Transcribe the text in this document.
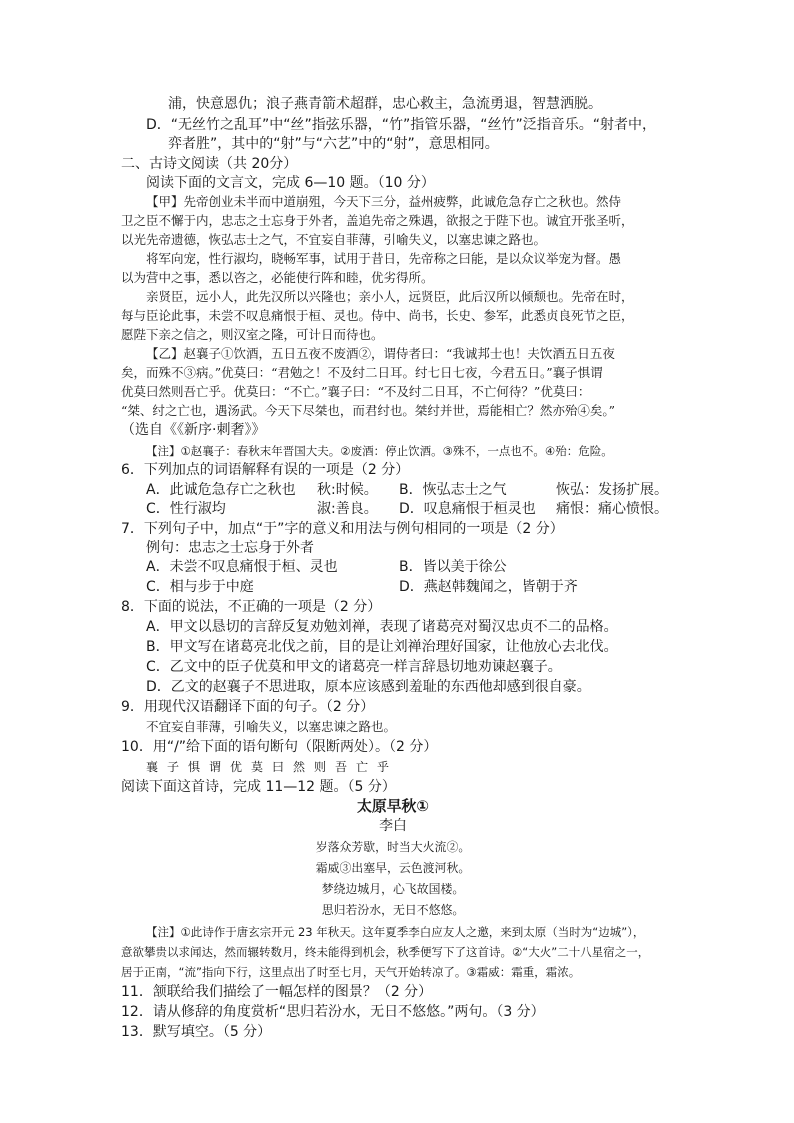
浦，快意恩仇；浪子燕青箭术超群，忠心救主，急流勇退，智慧洒脱。
D．“无丝竹之乱耳”中“丝”指弦乐器，“竹”指管乐器，“丝竹”泛指音乐。“射者中，
弈者胜”，其中的“射”与“六艺”中的“射”，意思相同。
二、古诗文阅读（共 20分）
阅读下面的文言文，完成 6—10 题。（10 分）
【甲】先帝创业未半而中道崩殂，今天下三分，益州疲弊，此诚危急存亡之秋也。然侍
卫之臣不懈于内，忠志之士忘身于外者，盖追先帝之殊遇，欲报之于陛下也。诚宜开张圣听，
以光先帝遗德，恢弘志士之气，不宜妄自菲薄，引喻失义，以塞忠谏之路也。
将军向宠，性行淑均，晓畅军事，试用于昔日，先帝称之曰能，是以众议举宠为督。愚
以为营中之事，悉以咨之，必能使行阵和睦，优劣得所。
亲贤臣，远小人，此先汉所以兴隆也；亲小人，远贤臣，此后汉所以倾颓也。先帝在时，
每与臣论此事，未尝不叹息痛恨于桓、灵也。侍中、尚书，长史、参军，此悉贞良死节之臣，
愿陛下亲之信之，则汉室之隆，可计日而待也。
【乙】赵襄子①饮酒，五日五夜不废酒②，谓侍者曰：“我诚邦士也！夫饮酒五日五夜
矣，而殊不③病。”优莫曰：“君勉之！不及纣二日耳。纣七日七夜，今君五日。”襄子惧谓
优莫曰然则吾亡乎。优莫曰：“不亡。”襄子曰：“不及纣二日耳，不亡何待？”优莫曰：
“桀、纣之亡也，遇汤武。今天下尽桀也，而君纣也。桀纣并世，焉能相亡？然亦殆④矣。”
（选自《《新序·刺奢》》
【注】①赵襄子：春秋末年晋国大夫。②废酒：停止饮酒。③殊不，一点也不。④殆：危险。
6．下列加点的词语解释有误的一项是（2 分）
A．此诚危急存亡之秋也 秋:时候。 B．恢弘志士之气	恢弘：发扬扩展。
C．性行淑均	淑:善良。 D．叹息痛恨于桓灵也 痛恨：痛心愤恨。
7．下列句子中，加点“于”字的意义和用法与例句相同的一项是（2 分）
例句：忠志之士忘身于外者
A．未尝不叹息痛恨于桓、灵也	B．皆以美于徐公
C．相与步于中庭	D．燕赵韩魏闻之，皆朝于齐
8．下面的说法，不正确的一项是（2 分）
A．甲文以恳切的言辞反复劝勉刘禅，表现了诸葛亮对蜀汉忠贞不二的品格。
B．甲文写在诸葛亮北伐之前，目的是让刘禅治理好国家，让他放心去北伐。
C．乙文中的臣子优莫和甲文的诸葛亮一样言辞恳切地劝谏赵襄子。
D．乙文的赵襄子不思进取，原本应该感到羞耻的东西他却感到很自豪。
9．用现代汉语翻译下面的句子。（2 分）
不宜妄自菲薄，引喻失义，以塞忠谏之路也。
10．用“/”给下面的语句断句（限断两处）。（2 分）
襄子惧谓优莫曰然则吾亡乎
阅读下面这首诗，完成 11—12 题。（5 分）
太原早秋①
李白
岁落众芳歇，时当大火流②。
霜威③出塞早，云色渡河秋。
梦绕边城月，心飞故国楼。
思归若汾水，无日不悠悠。
【注】①此诗作于唐玄宗开元 23 年秋天。这年夏季李白应友人之邀，来到太原（当时为“边城”），
意欲攀贵以求闻达，然而辗转数月，终未能得到机会，秋季便写下了这首诗。②“大火”二十八星宿之一，
居于正南，“流”指向下行，这里点出了时至七月，天气开始转凉了。③霜威：霜重，霜浓。
11．颔联给我们描绘了一幅怎样的图景？（2 分）
12．请从修辞的角度赏析“思归若汾水，无日不悠悠。”两句。（3 分）
13．默写填空。（5 分）
